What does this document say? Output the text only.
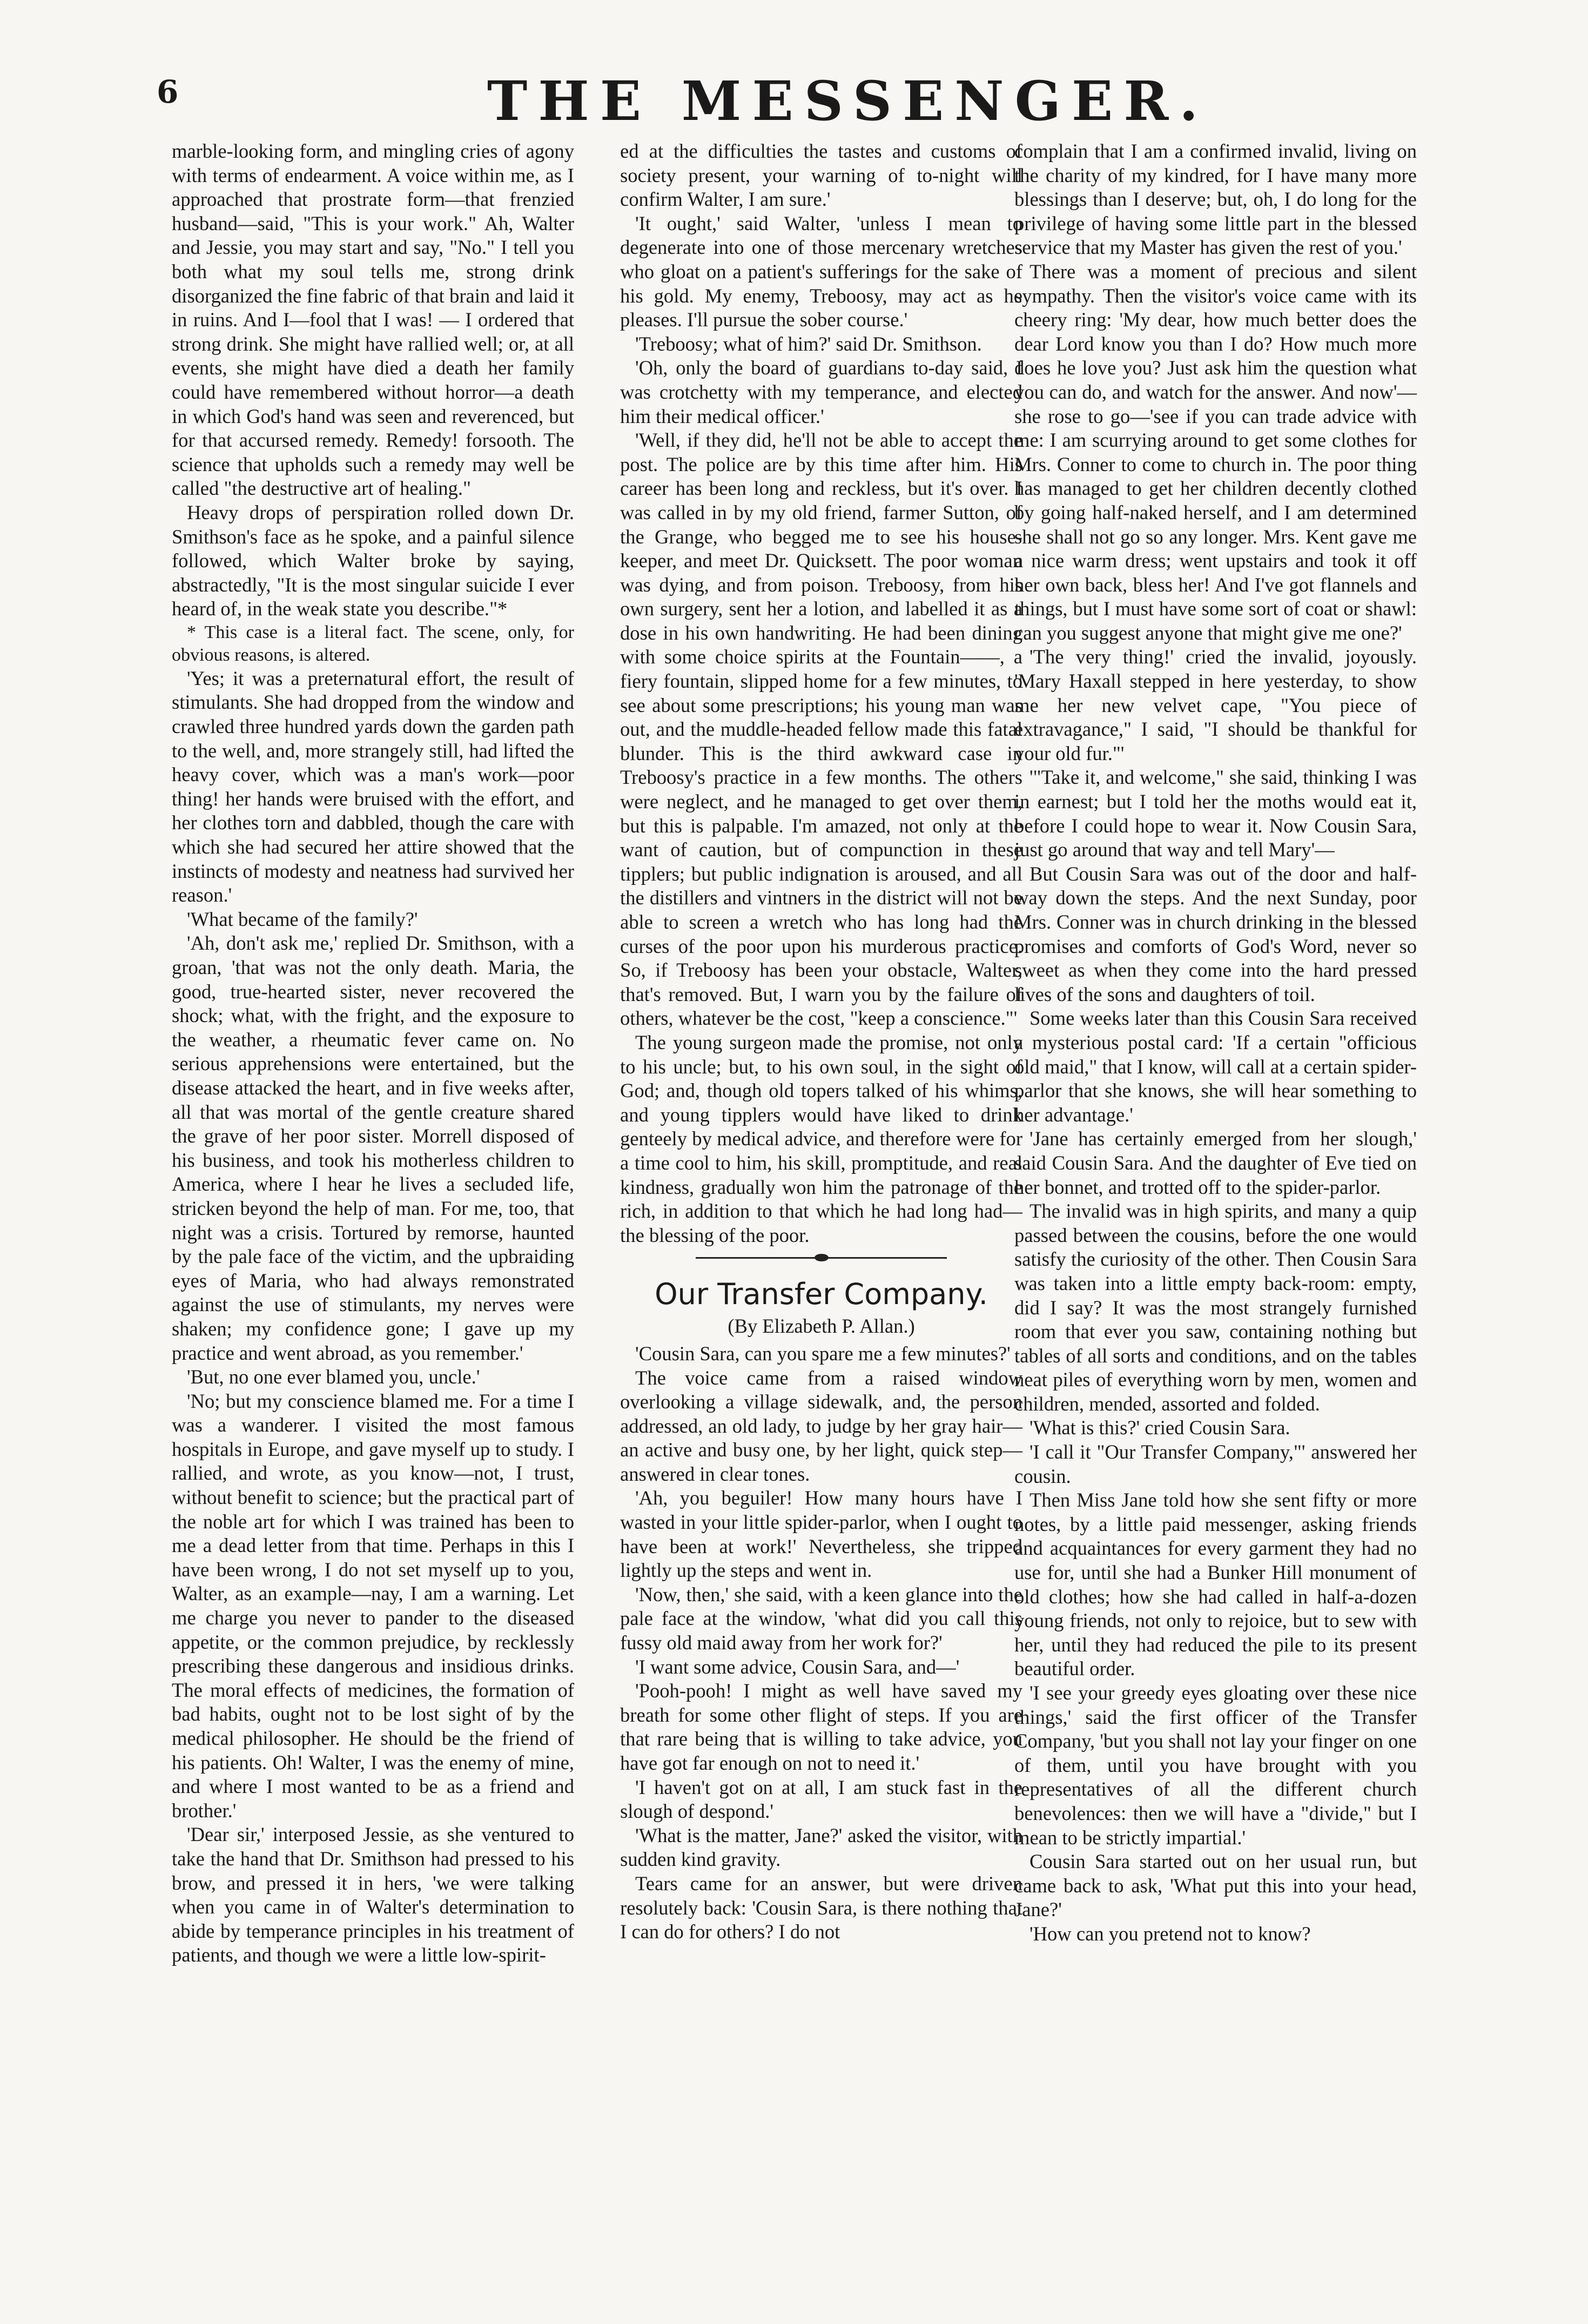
6	THE MESSENGER.

marble-looking form, and mingling cries of agony with terms of endearment. A voice within me, as I approached that prostrate form—that frenzied husband—said, "This is your work." Ah, Walter and Jessie, you may start and say, "No." I tell you both what my soul tells me, strong drink disorganized the fine fabric of that brain and laid it in ruins. And I—fool that I was! — I ordered that strong drink. She might have rallied well; or, at all events, she might have died a death her family could have remembered without horror—a death in which God's hand was seen and reverenced, but for that accursed remedy. Remedy! forsooth. The science that upholds such a remedy may well be called "the destructive art of healing."

Heavy drops of perspiration rolled down Dr. Smithson's face as he spoke, and a painful silence followed, which Walter broke by saying, abstractedly, "It is the most singular suicide I ever heard of, in the weak state you describe."*

* This case is a literal fact. The scene, only, for obvious reasons, is altered.

'Yes; it was a preternatural effort, the result of stimulants. She had dropped from the window and crawled three hundred yards down the garden path to the well, and, more strangely still, had lifted the heavy cover, which was a man's work—poor thing! her hands were bruised with the effort, and her clothes torn and dabbled, though the care with which she had secured her attire showed that the instincts of modesty and neatness had survived her reason.'

'What became of the family?'

'Ah, don't ask me,' replied Dr. Smithson, with a groan, 'that was not the only death. Maria, the good, true-hearted sister, never recovered the shock; what, with the fright, and the exposure to the weather, a rheumatic fever came on. No serious apprehensions were entertained, but the disease attacked the heart, and in five weeks after, all that was mortal of the gentle creature shared the grave of her poor sister. Morrell disposed of his business, and took his motherless children to America, where I hear he lives a secluded life, stricken beyond the help of man. For me, too, that night was a crisis. Tortured by remorse, haunted by the pale face of the victim, and the upbraiding eyes of Maria, who had always remonstrated against the use of stimulants, my nerves were shaken; my confidence gone; I gave up my practice and went abroad, as you remember.'

'But, no one ever blamed you, uncle.'

'No; but my conscience blamed me. For a time I was a wanderer. I visited the most famous hospitals in Europe, and gave myself up to study. I rallied, and wrote, as you know—not, I trust, without benefit to science; but the practical part of the noble art for which I was trained has been to me a dead letter from that time. Perhaps in this I have been wrong, I do not set myself up to you, Walter, as an example—nay, I am a warning. Let me charge you never to pander to the diseased appetite, or the common prejudice, by recklessly prescribing these dangerous and insidious drinks. The moral effects of medicines, the formation of bad habits, ought not to be lost sight of by the medical philosopher. He should be the friend of his patients. Oh! Walter, I was the enemy of mine, and where I most wanted to be as a friend and brother.'

'Dear sir,' interposed Jessie, as she ventured to take the hand that Dr. Smithson had pressed to his brow, and pressed it in hers, 'we were talking when you came in of Walter's determination to abide by temperance principles in his treatment of patients, and though we were a little low-spirit-

ed at the difficulties the tastes and customs of society present, your warning of to-night will confirm Walter, I am sure.'

'It ought,' said Walter, 'unless I mean to degenerate into one of those mercenary wretches who gloat on a patient's sufferings for the sake of his gold. My enemy, Treboosy, may act as he pleases. I'll pursue the sober course.'

'Treboosy; what of him?' said Dr. Smithson.

'Oh, only the board of guardians to-day said, I was crotchetty with my temperance, and elected him their medical officer.'

'Well, if they did, he'll not be able to accept the post. The police are by this time after him. His career has been long and reckless, but it's over. I was called in by my old friend, farmer Sutton, of the Grange, who begged me to see his house-keeper, and meet Dr. Quicksett. The poor woman was dying, and from poison. Treboosy, from his own surgery, sent her a lotion, and labelled it as a dose in his own handwriting. He had been dining with some choice spirits at the Fountain——, a fiery fountain, slipped home for a few minutes, to see about some prescriptions; his young man was out, and the muddle-headed fellow made this fatal blunder. This is the third awkward case in Treboosy's practice in a few months. The others were neglect, and he managed to get over them, but this is palpable. I'm amazed, not only at the want of caution, but of compunction in these tipplers; but public indignation is aroused, and all the distillers and vintners in the district will not be able to screen a wretch who has long had the curses of the poor upon his murderous practice. So, if Treboosy has been your obstacle, Walter, that's removed. But, I warn you by the failure of others, whatever be the cost, "keep a conscience."'

The young surgeon made the promise, not only to his uncle; but, to his own soul, in the sight of God; and, though old topers talked of his whims, and young tipplers would have liked to drink genteely by medical advice, and therefore were for a time cool to him, his skill, promptitude, and real kindness, gradually won him the patronage of the rich, in addition to that which he had long had—the blessing of the poor.

Our Transfer Company.

(By Elizabeth P. Allan.)

'Cousin Sara, can you spare me a few minutes?'

The voice came from a raised window overlooking a village sidewalk, and, the person addressed, an old lady, to judge by her gray hair—an active and busy one, by her light, quick step—answered in clear tones.

'Ah, you beguiler! How many hours have I wasted in your little spider-parlor, when I ought to have been at work!' Nevertheless, she tripped lightly up the steps and went in.

'Now, then,' she said, with a keen glance into the pale face at the window, 'what did you call this fussy old maid away from her work for?'

'I want some advice, Cousin Sara, and—'

'Pooh-pooh! I might as well have saved my breath for some other flight of steps. If you are that rare being that is willing to take advice, you have got far enough on not to need it.'

'I haven't got on at all, I am stuck fast in the slough of despond.'

'What is the matter, Jane?' asked the visitor, with sudden kind gravity.

Tears came for an answer, but were driven resolutely back: 'Cousin Sara, is there nothing that I can do for others? I do not

complain that I am a confirmed invalid, living on the charity of my kindred, for I have many more blessings than I deserve; but, oh, I do long for the privilege of having some little part in the blessed service that my Master has given the rest of you.'

There was a moment of precious and silent sympathy. Then the visitor's voice came with its cheery ring: 'My dear, how much better does the dear Lord know you than I do? How much more does he love you? Just ask him the question what you can do, and watch for the answer. And now'—she rose to go—'see if you can trade advice with me: I am scurrying around to get some clothes for Mrs. Conner to come to church in. The poor thing has managed to get her children decently clothed by going half-naked herself, and I am determined she shall not go so any longer. Mrs. Kent gave me a nice warm dress; went upstairs and took it off her own back, bless her! And I've got flannels and things, but I must have some sort of coat or shawl: can you suggest anyone that might give me one?'

'The very thing!' cried the invalid, joyously. 'Mary Haxall stepped in here yesterday, to show me her new velvet cape, "You piece of extravagance," I said, "I should be thankful for your old fur."'

'"Take it, and welcome," she said, thinking I was in earnest; but I told her the moths would eat it, before I could hope to wear it. Now Cousin Sara, just go around that way and tell Mary'—

But Cousin Sara was out of the door and half-way down the steps. And the next Sunday, poor Mrs. Conner was in church drinking in the blessed promises and comforts of God's Word, never so sweet as when they come into the hard pressed lives of the sons and daughters of toil.

Some weeks later than this Cousin Sara received a mysterious postal card: 'If a certain "officious old maid," that I know, will call at a certain spider-parlor that she knows, she will hear something to her advantage.'

'Jane has certainly emerged from her slough,' said Cousin Sara. And the daughter of Eve tied on her bonnet, and trotted off to the spider-parlor.

The invalid was in high spirits, and many a quip passed between the cousins, before the one would satisfy the curiosity of the other. Then Cousin Sara was taken into a little empty back-room: empty, did I say? It was the most strangely furnished room that ever you saw, containing nothing but tables of all sorts and conditions, and on the tables neat piles of everything worn by men, women and children, mended, assorted and folded.

'What is this?' cried Cousin Sara.

'I call it "Our Transfer Company,"' answered her cousin.

Then Miss Jane told how she sent fifty or more notes, by a little paid messenger, asking friends and acquaintances for every garment they had no use for, until she had a Bunker Hill monument of old clothes; how she had called in half-a-dozen young friends, not only to rejoice, but to sew with her, until they had reduced the pile to its present beautiful order.

'I see your greedy eyes gloating over these nice things,' said the first officer of the Transfer Company, 'but you shall not lay your finger on one of them, until you have brought with you representatives of all the different church benevolences: then we will have a "divide," but I mean to be strictly impartial.'

Cousin Sara started out on her usual run, but came back to ask, 'What put this into your head, Jane?'

'How can you pretend not to know?
